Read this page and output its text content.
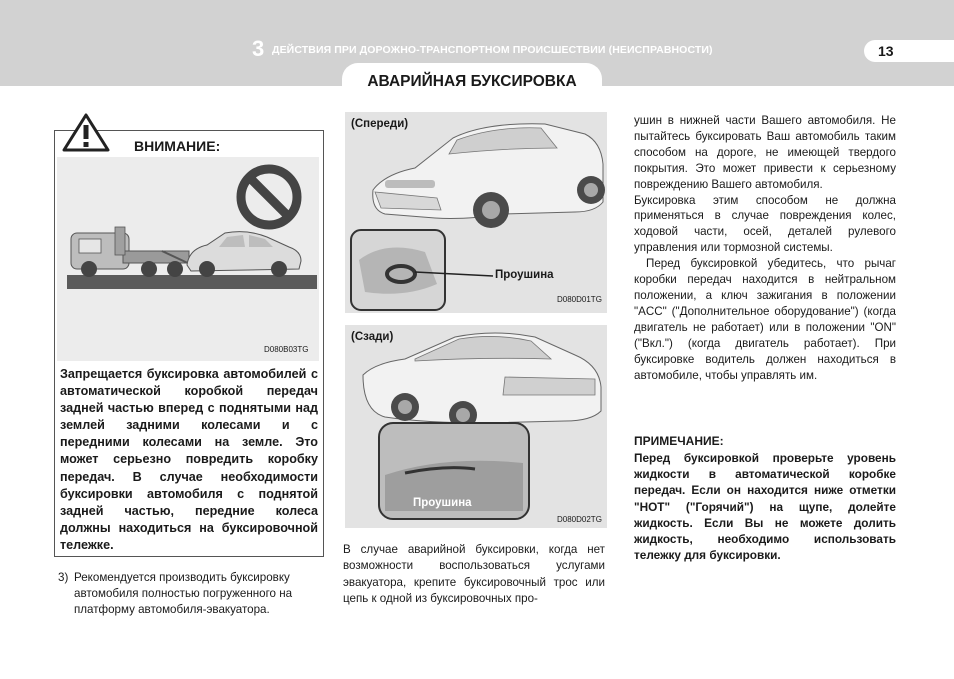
3 ДЕЙСТВИЯ ПРИ ДОРОЖНО-ТРАНСПОРТНОМ ПРОИСШЕСТВИИ (НЕИСПРАВНОСТИ)	13
АВАРИЙНАЯ БУКСИРОВКА
ВНИМАНИЕ:
D080B03TG
Запрещается буксировка автомобилей с автоматической коробкой передач задней частью вперед с поднятыми над землей задними колесами и с передними колесами на земле. Это может серьезно повредить коробку передач. В случае необходимости буксировки автомобиля с поднятой задней частью, передние колеса должны находиться на буксировочной тележке.
3) Рекомендуется производить буксировку автомобиля полностью погруженного на платформу автомобиля-эвакуатора.
(Спереди)
Проушина
D080D01TG
(Сзади)
Проушина
D080D02TG
В случае аварийной буксировки, когда нет возможности воспользоваться услугами эвакуатора, крепите буксировочный трос или цепь к одной из буксировочных про-

ушин в нижней части Вашего автомобиля. Не пытайтесь буксировать Ваш автомобиль таким способом на дороге, не имеющей твердого покрытия. Это может привести к серьезному повреждению Вашего автомобиля.

Буксировка этим способом не должна применяться в случае повреждения колес, ходовой части, осей, деталей рулевого управления или тормозной системы.

Перед буксировкой убедитесь, что рычаг коробки передач находится в нейтральном положении, а ключ зажигания в положении "ACC" ("Дополнительное оборудование") (когда двигатель не работает) или в положении "ON" ("Вкл.") (когда двигатель работает). При буксировке водитель должен находиться в автомобиле, чтобы управлять им.

ПРИМЕЧАНИЕ:
Перед буксировкой проверьте уровень жидкости в автоматической коробке передач. Если он находится ниже отметки "HOT" ("Горячий") на щупе, долейте жидкость. Если Вы не можете долить жидкость, необходимо использовать тележку для буксировки.
